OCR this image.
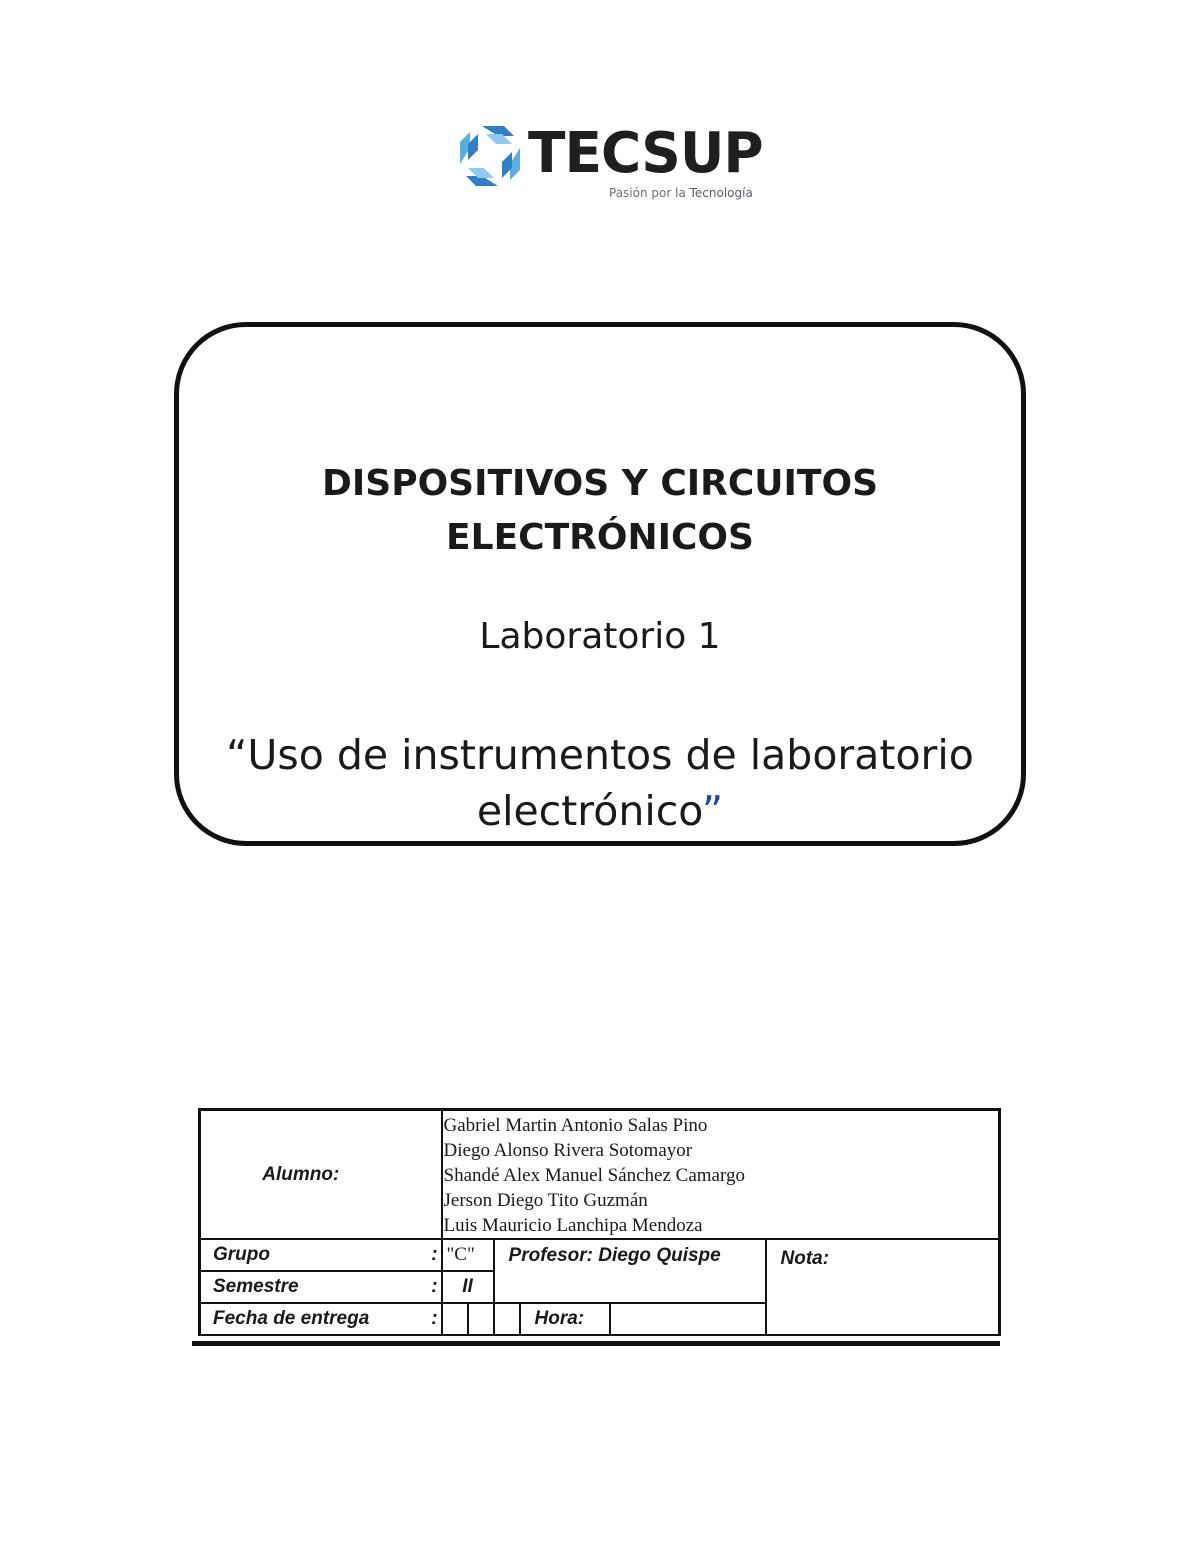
TECSUP
Pasión por la Tecnología
DISPOSITIVOS Y CIRCUITOS
ELECTRÓNICOS
Laboratorio 1
“Uso de instrumentos de laboratorio
electrónico”
Alumno:		Gabriel Martin Antonio Salas Pino
Diego Alonso Rivera Sotomayor
Shandé Alex Manuel Sánchez Camargo
Jerson Diego Tito Guzmán
Luis Mauricio Lanchipa Mendoza					

Grupo	:	"C"		Profesor: Diego Quispe			Nota:
Semestre	:	II					
Fecha de entrega	:				Hora:		
